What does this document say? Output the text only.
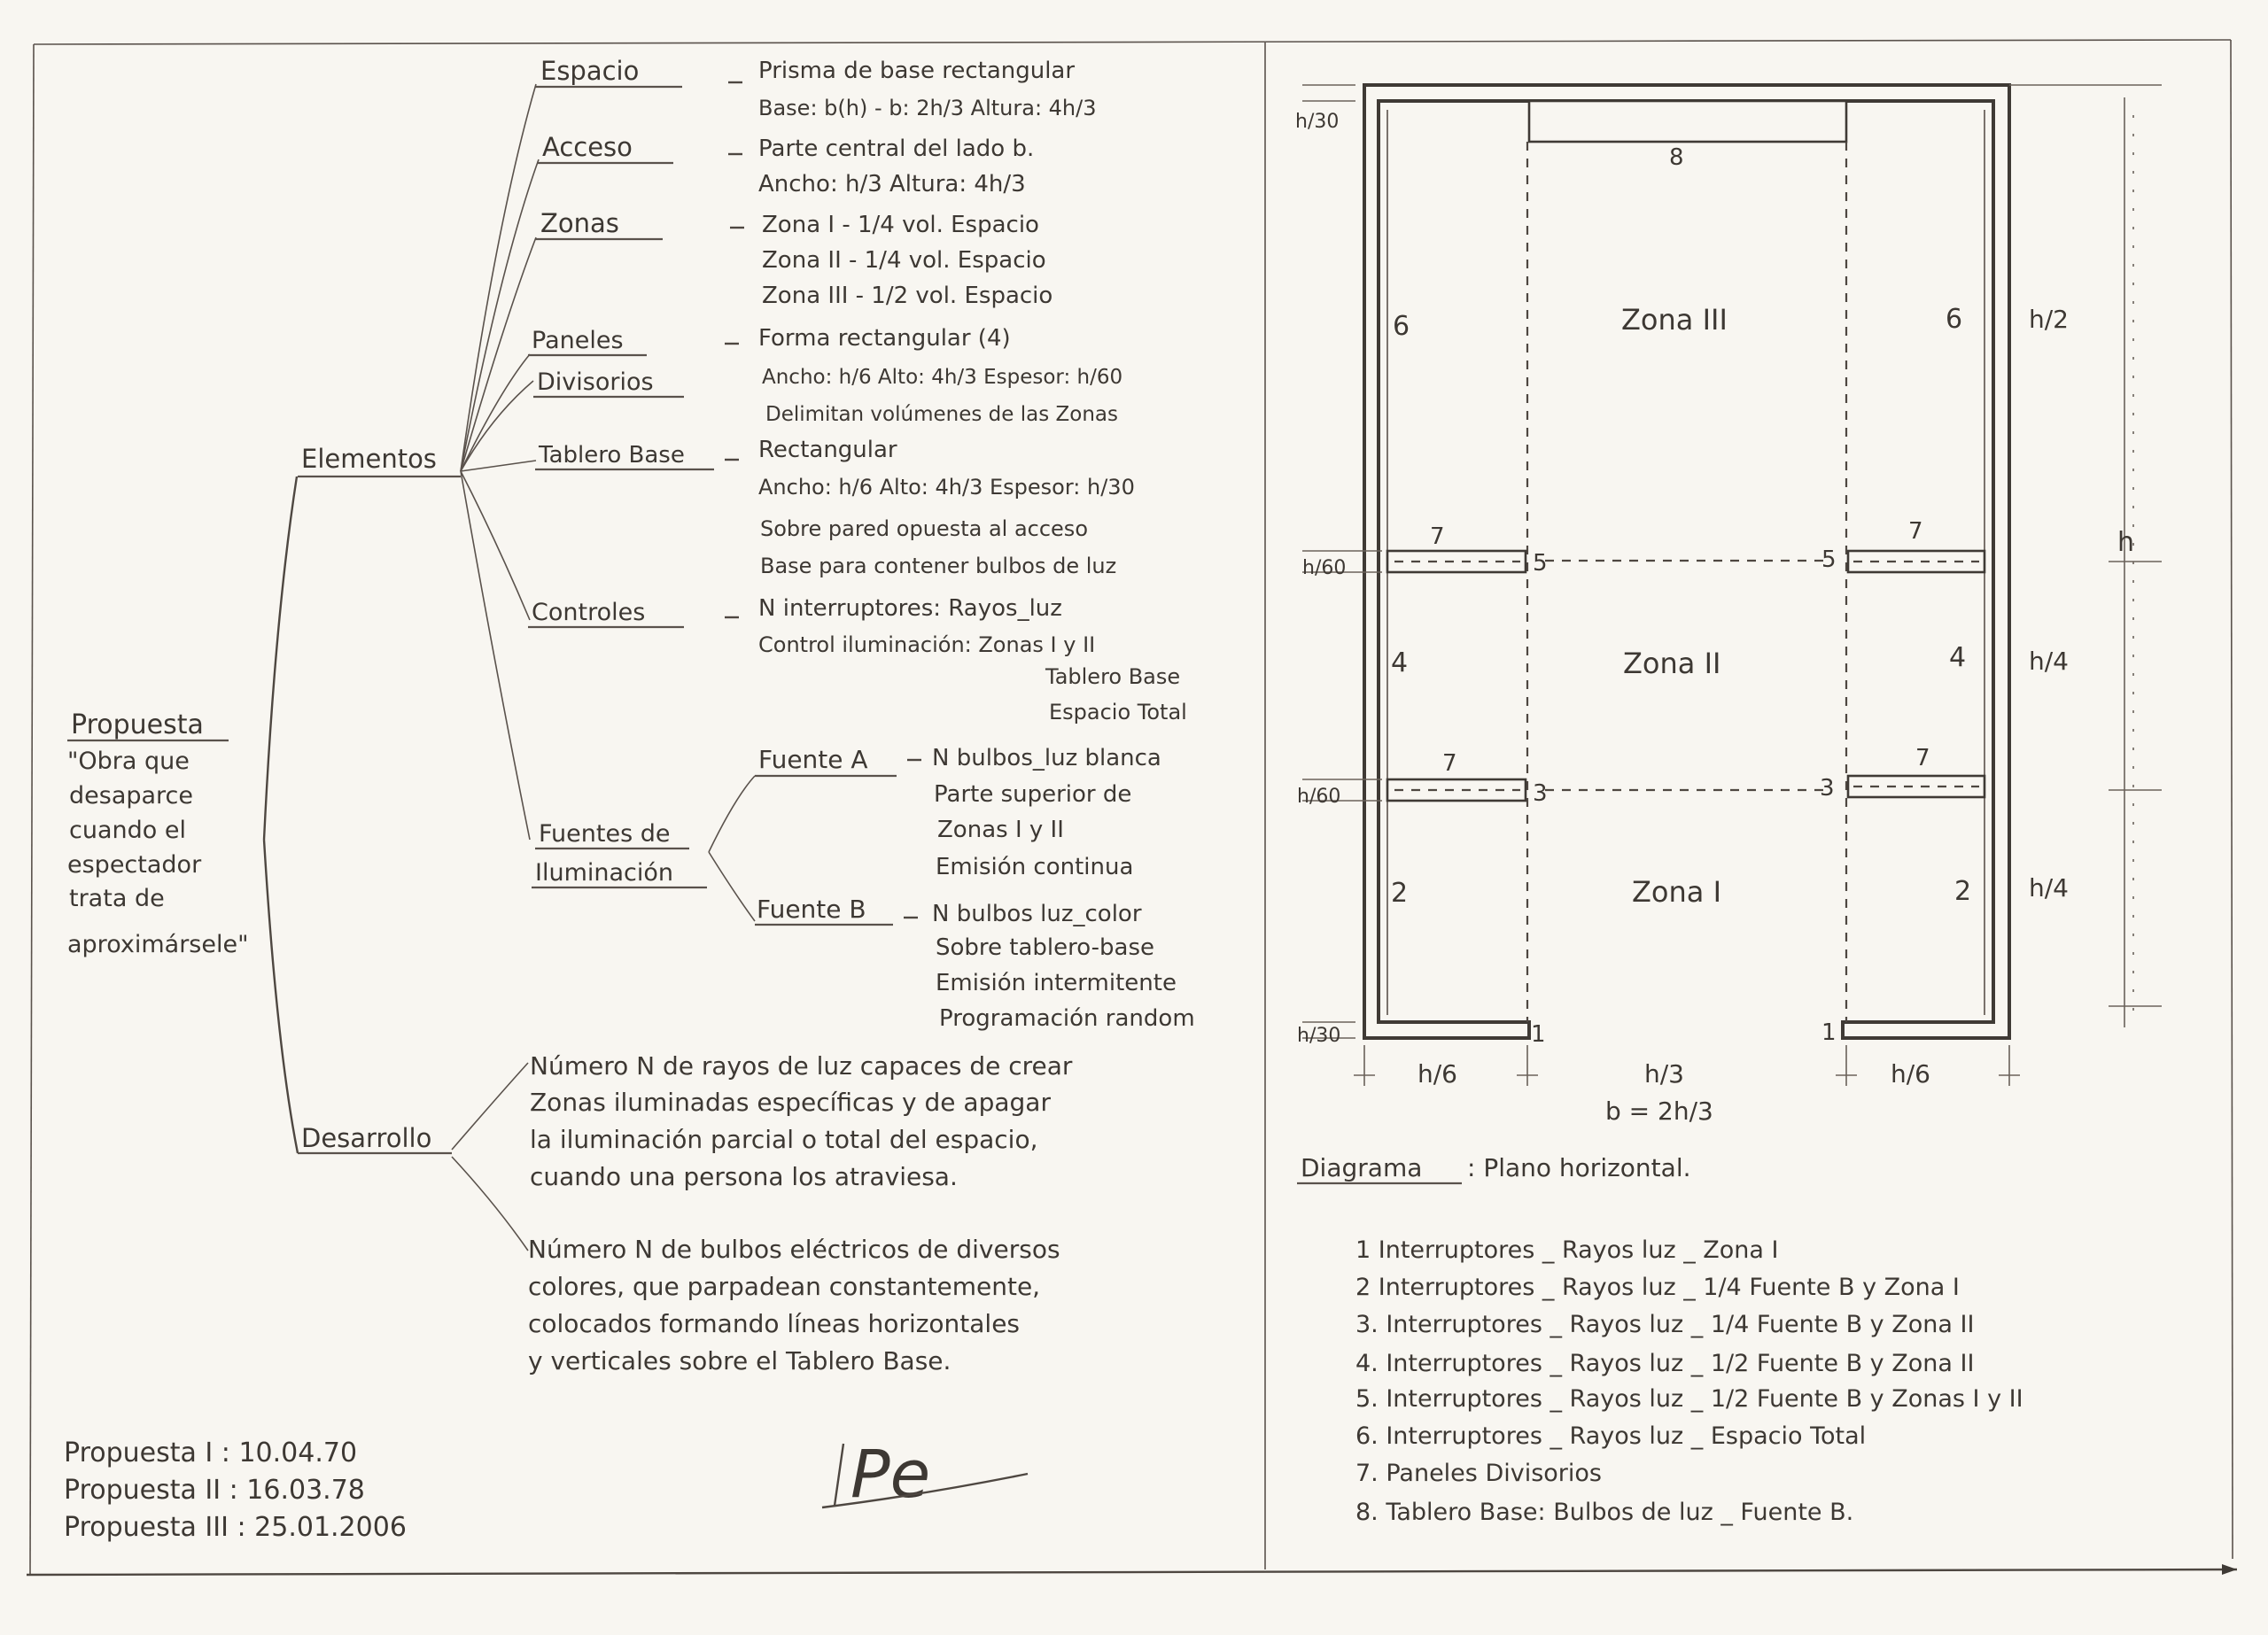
Propuesta
"Obra que
desaparce
cuando el
espectador
trata de
aproximársele"
Elementos
Desarrollo
Espacio
Acceso
Zonas
Paneles
Divisorios
Tablero Base
Controles
Fuentes de
Iluminación
Prisma de base rectangular
Base: b(h) - b: 2h/3 Altura: 4h/3
Parte central del lado b.
Ancho: h/3 Altura: 4h/3
Zona I - 1/4 vol. Espacio
Zona II - 1/4 vol. Espacio
Zona III - 1/2 vol. Espacio
Forma rectangular (4)
Ancho: h/6 Alto: 4h/3 Espesor: h/60
Delimitan volúmenes de las Zonas
Rectangular
Ancho: h/6 Alto: 4h/3 Espesor: h/30
Sobre pared opuesta al acceso
Base para contener bulbos de luz
N interruptores: Rayos_luz
Control iluminación: Zonas I y II
Tablero Base
Espacio Total
Fuente A
Fuente B
N bulbos_luz blanca
Parte superior de
Zonas I y II
Emisión continua
N bulbos luz_color
Sobre tablero-base
Emisión intermitente
Programación random
Número N de rayos de luz capaces de crear
Zonas iluminadas específicas y de apagar
la iluminación parcial o total del espacio,
cuando una persona los atraviesa.
Número N de bulbos eléctricos de diversos
colores, que parpadean constantemente,
colocados formando líneas horizontales
y verticales sobre el Tablero Base.
Propuesta I : 10.04.70
Propuesta II : 16.03.78
Propuesta III : 25.01.2006
Pe
Zona III
Zona II
Zona I
8
6	6
7	7
5	5
4	4
7	7
3	3
2	2
1	1
h/30
h/60
h/60
h/30
h/2
h
h/4
h/4
h/6	h/3	h/6
b = 2h/3
Diagrama : Plano horizontal.
1 Interruptores _ Rayos luz _ Zona I
2 Interruptores _ Rayos luz _ 1/4 Fuente B y Zona I
3. Interruptores _ Rayos luz _ 1/4 Fuente B y Zona II
4. Interruptores _ Rayos luz _ 1/2 Fuente B y Zona II
5. Interruptores _ Rayos luz _ 1/2 Fuente B y Zonas I y II
6. Interruptores _ Rayos luz _ Espacio Total
7. Paneles Divisorios
8. Tablero Base: Bulbos de luz _ Fuente B.
